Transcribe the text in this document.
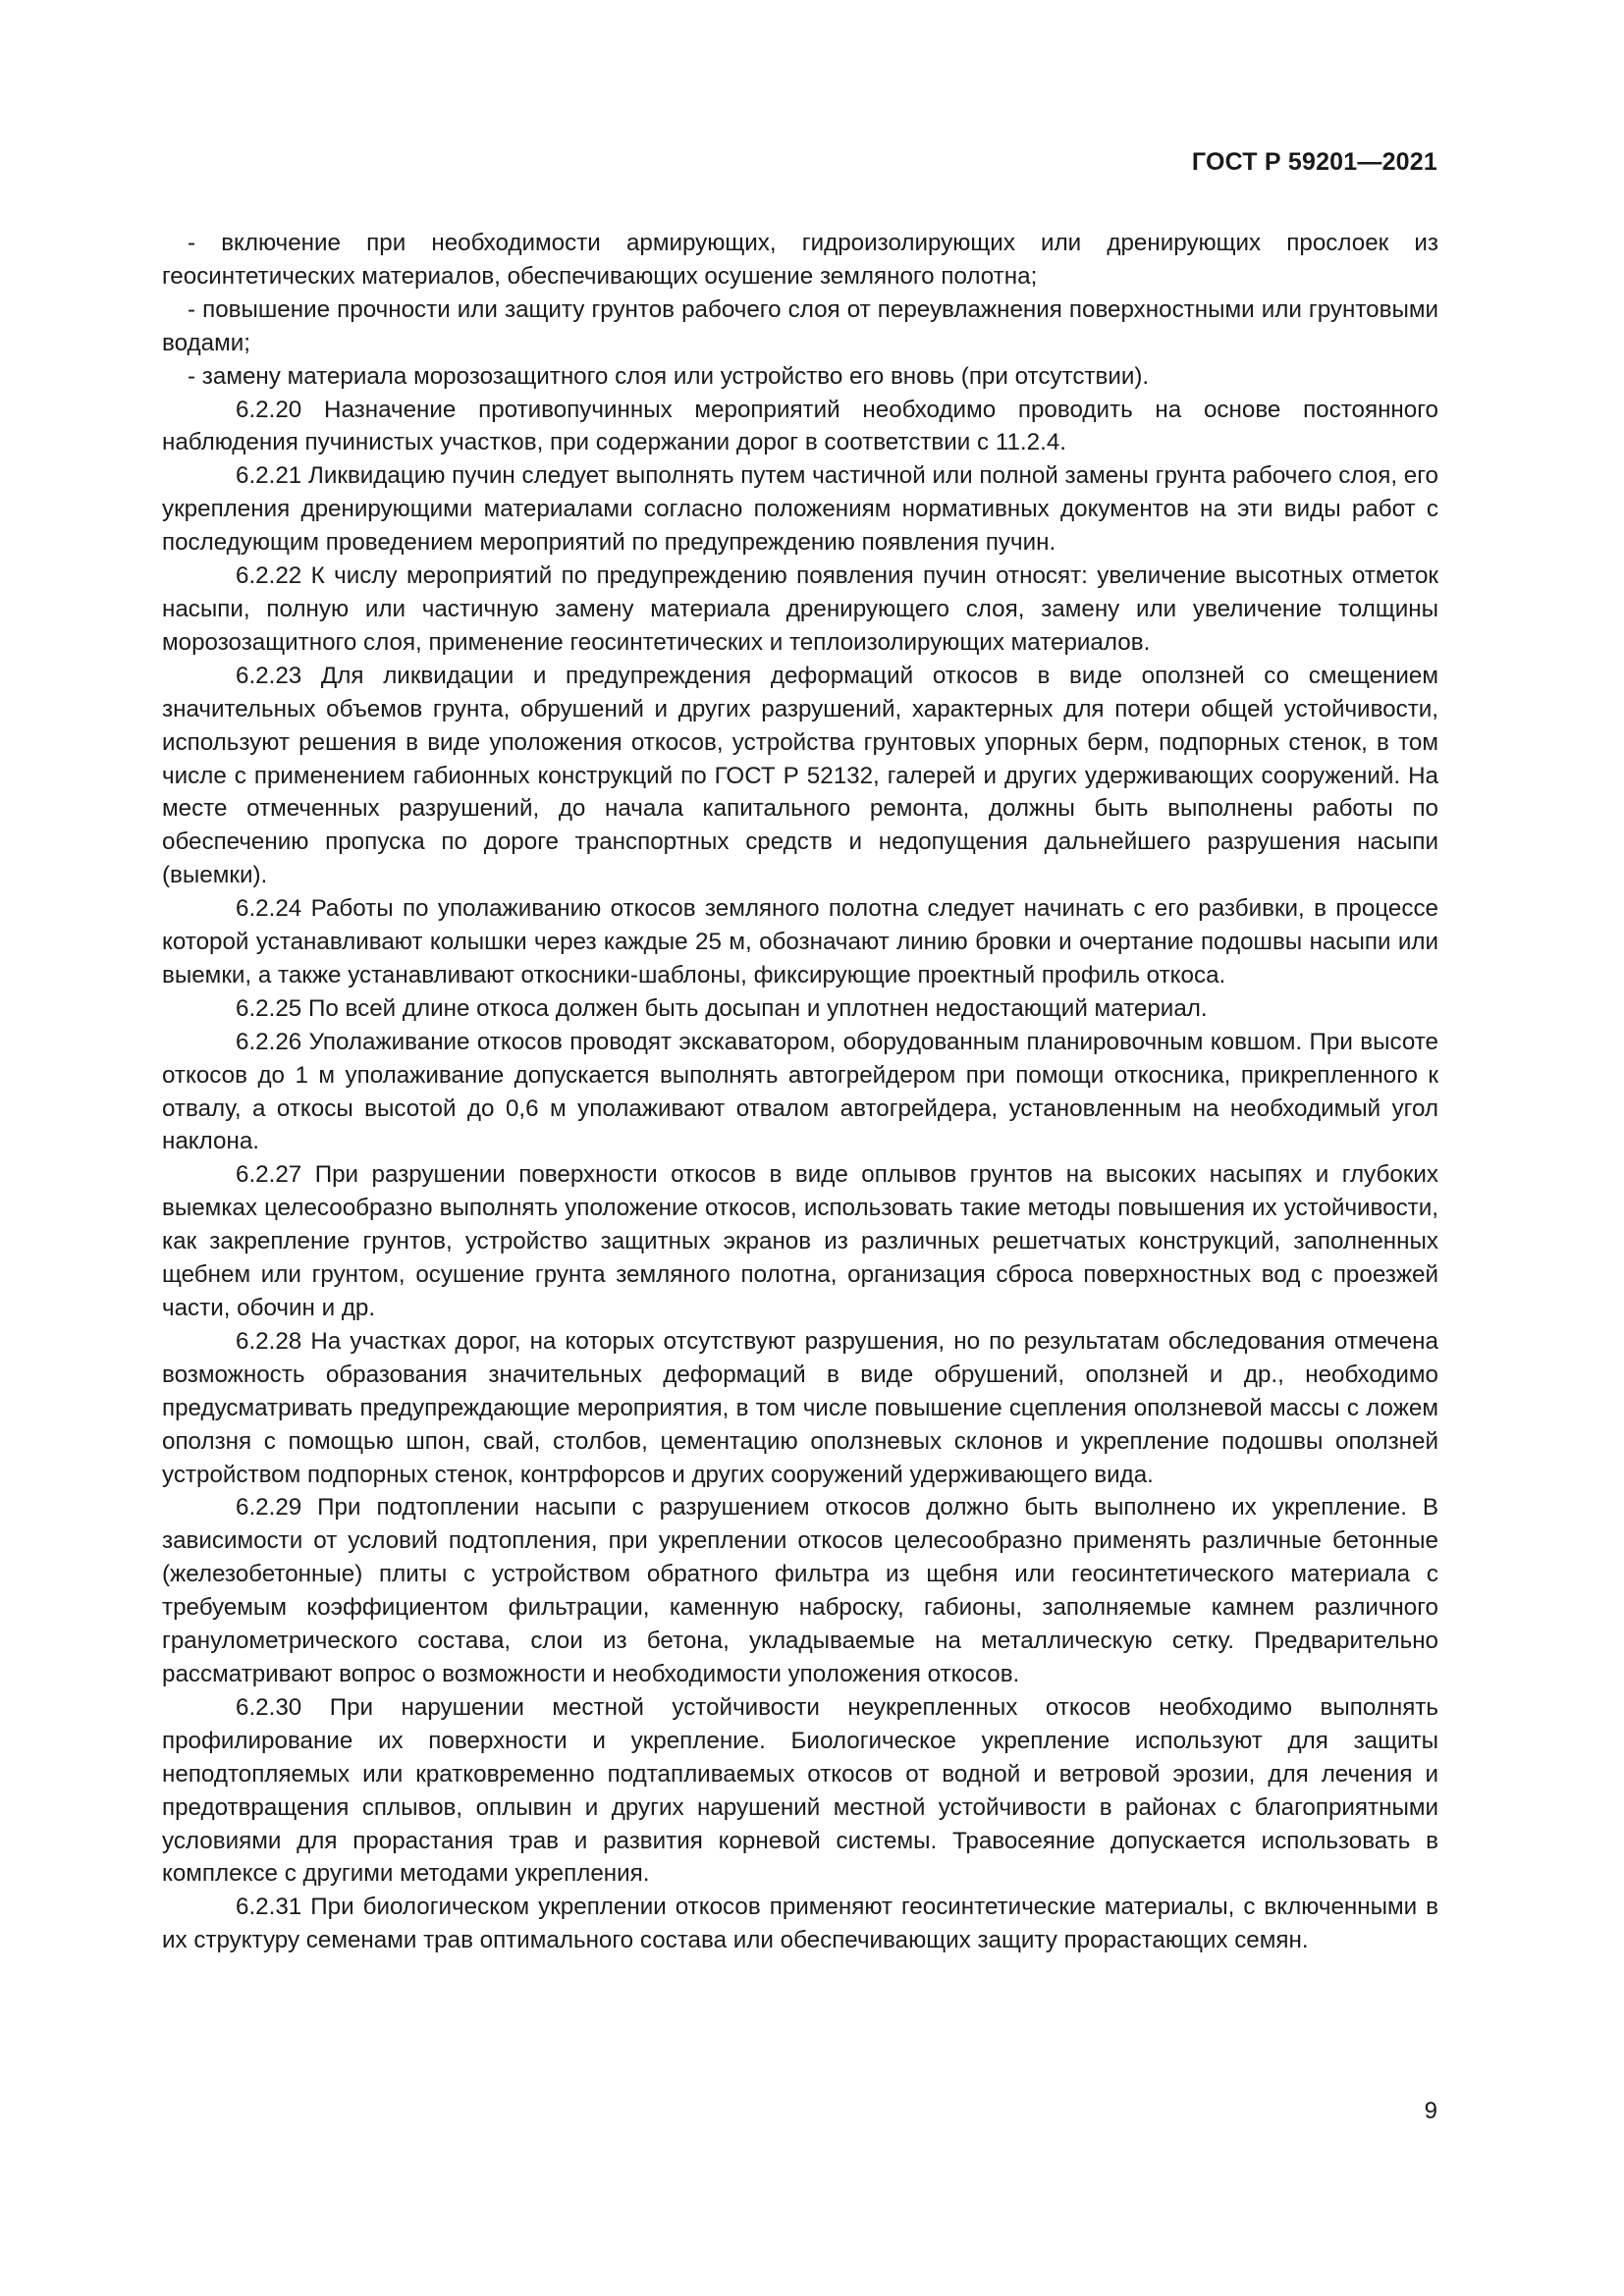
ГОСТ Р 59201—2021

- включение при необходимости армирующих, гидроизолирующих или дренирующих прослоек из геосинтетических материалов, обеспечивающих осушение земляного полотна;

- повышение прочности или защиту грунтов рабочего слоя от переувлажнения поверхностными или грунтовыми водами;

- замену материала морозозащитного слоя или устройство его вновь (при отсутствии).

6.2.20 Назначение противопучинных мероприятий необходимо проводить на основе постоянного наблюдения пучинистых участков, при содержании дорог в соответствии с 11.2.4.

6.2.21 Ликвидацию пучин следует выполнять путем частичной или полной замены грунта рабочего слоя, его укрепления дренирующими материалами согласно положениям нормативных документов на эти виды работ с последующим проведением мероприятий по предупреждению появления пучин.

6.2.22 К числу мероприятий по предупреждению появления пучин относят: увеличение высотных отметок насыпи, полную или частичную замену материала дренирующего слоя, замену или увеличение толщины морозозащитного слоя, применение геосинтетических и теплоизолирующих материалов.

6.2.23 Для ликвидации и предупреждения деформаций откосов в виде оползней со смещением значительных объемов грунта, обрушений и других разрушений, характерных для потери общей устойчивости, используют решения в виде уположения откосов, устройства грунтовых упорных берм, подпорных стенок, в том числе с применением габионных конструкций по ГОСТ Р 52132, галерей и других удерживающих сооружений. На месте отмеченных разрушений, до начала капитального ремонта, должны быть выполнены работы по обеспечению пропуска по дороге транспортных средств и недопущения дальнейшего разрушения насыпи (выемки).

6.2.24 Работы по уполаживанию откосов земляного полотна следует начинать с его разбивки, в процессе которой устанавливают колышки через каждые 25 м, обозначают линию бровки и очертание подошвы насыпи или выемки, а также устанавливают откосники-шаблоны, фиксирующие проектный профиль откоса.

6.2.25 По всей длине откоса должен быть досыпан и уплотнен недостающий материал.

6.2.26 Уполаживание откосов проводят экскаватором, оборудованным планировочным ковшом. При высоте откосов до 1 м уполаживание допускается выполнять автогрейдером при помощи откосника, прикрепленного к отвалу, а откосы высотой до 0,6 м уполаживают отвалом автогрейдера, установленным на необходимый угол наклона.

6.2.27 При разрушении поверхности откосов в виде оплывов грунтов на высоких насыпях и глубоких выемках целесообразно выполнять уположение откосов, использовать такие методы повышения их устойчивости, как закрепление грунтов, устройство защитных экранов из различных решетчатых конструкций, заполненных щебнем или грунтом, осушение грунта земляного полотна, организация сброса поверхностных вод с проезжей части, обочин и др.

6.2.28 На участках дорог, на которых отсутствуют разрушения, но по результатам обследования отмечена возможность образования значительных деформаций в виде обрушений, оползней и др., необходимо предусматривать предупреждающие мероприятия, в том числе повышение сцепления оползневой массы с ложем оползня с помощью шпон, свай, столбов, цементацию оползневых склонов и укрепление подошвы оползней устройством подпорных стенок, контрфорсов и других сооружений удерживающего вида.

6.2.29 При подтоплении насыпи с разрушением откосов должно быть выполнено их укрепление. В зависимости от условий подтопления, при укреплении откосов целесообразно применять различные бетонные (железобетонные) плиты с устройством обратного фильтра из щебня или геосинтетического материала с требуемым коэффициентом фильтрации, каменную наброску, габионы, заполняемые камнем различного гранулометрического состава, слои из бетона, укладываемые на металлическую сетку. Предварительно рассматривают вопрос о возможности и необходимости уположения откосов.

6.2.30 При нарушении местной устойчивости неукрепленных откосов необходимо выполнять профилирование их поверхности и укрепление. Биологическое укрепление используют для защиты неподтопляемых или кратковременно подтапливаемых откосов от водной и ветровой эрозии, для лечения и предотвращения сплывов, оплывин и других нарушений местной устойчивости в районах с благоприятными условиями для прорастания трав и развития корневой системы. Травосеяние допускается использовать в комплексе с другими методами укрепления.

6.2.31 При биологическом укреплении откосов применяют геосинтетические материалы, с включенными в их структуру семенами трав оптимального состава или обеспечивающих защиту прорастающих семян.

9
